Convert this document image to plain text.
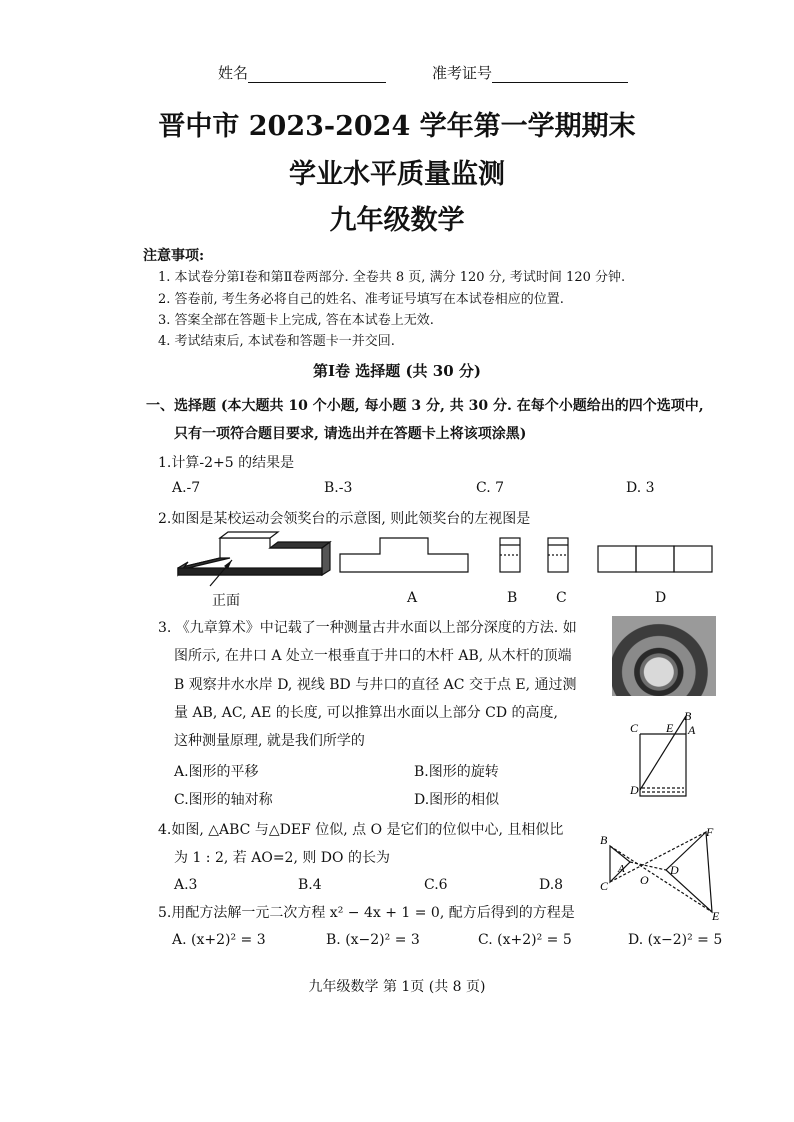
姓名	准考证号
晋中市 2023-2024 学年第一学期期末
学业水平质量监测
九年级数学
注意事项:
1. 本试卷分第Ⅰ卷和第Ⅱ卷两部分. 全卷共 8 页, 满分 120 分, 考试时间 120 分钟.
2. 答卷前, 考生务必将自己的姓名、准考证号填写在本试卷相应的位置.
3. 答案全部在答题卡上完成, 答在本试卷上无效.
4. 考试结束后, 本试卷和答题卡一并交回.
第Ⅰ卷 选择题 (共 30 分)
一、选择题 (本大题共 10 个小题, 每小题 3 分, 共 30 分. 在每个小题给出的四个选项中,
只有一项符合题目要求, 请选出并在答题卡上将该项涂黑)
1.计算-2+5 的结果是
A.-7	B.-3	C. 7	D. 3
2.如图是某校运动会领奖台的示意图, 则此领奖台的左视图是
正面	A	B	C	D
3. 《九章算术》中记载了一种测量古井水面以上部分深度的方法. 如
图所示, 在井口 A 处立一根垂直于井口的木杆 AB, 从木杆的顶端
B 观察井水水岸 D, 视线 BD 与井口的直径 AC 交于点 E, 通过测
量 AB, AC, AE 的长度, 可以推算出水面以上部分 CD 的高度,
这种测量原理, 就是我们所学的
A.图形的平移	B.图形的旋转
C.图形的轴对称	D.图形的相似
C E
B
A
D
4.如图, △ABC 与△DEF 位似, 点 O 是它们的位似中心, 且相似比
为 1 : 2, 若 AO=2, 则 DO 的长为
A.3	B.4	C.6	D.8
B
A
C	O
D
F
E
5.用配方法解一元二次方程 x² − 4x + 1 = 0, 配方后得到的方程是
A. (x+2)² = 3	B. (x−2)² = 3	C. (x+2)² = 5	D. (x−2)² = 5
九年级数学 第 1页 (共 8 页)
